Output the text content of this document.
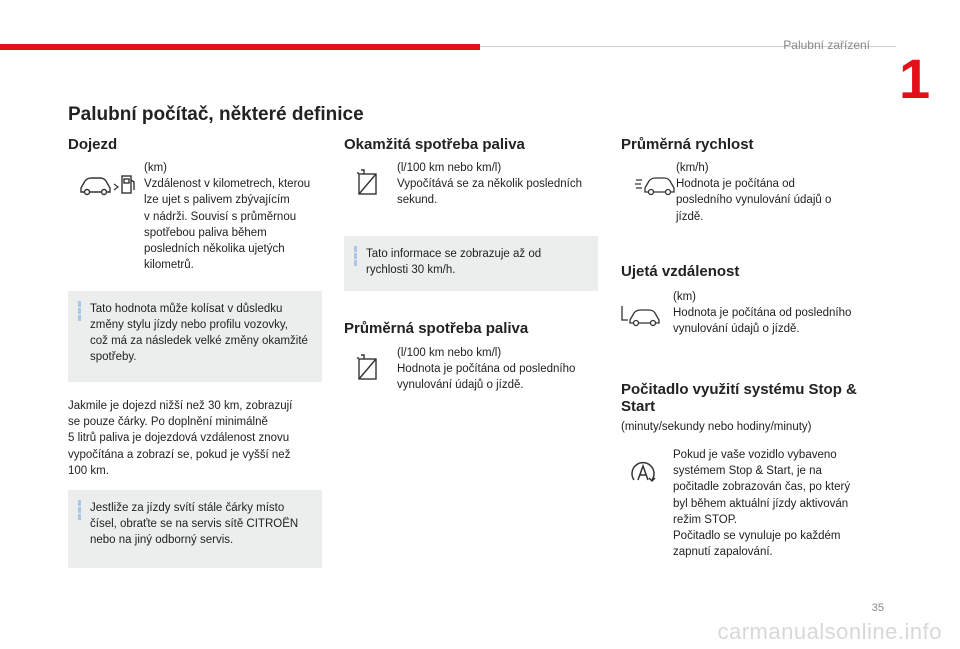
Palubní zařízení
1
Palubní počítač, některé definice
Dojezd
(km)
Vzdálenost v kilometrech, kterou
lze ujet s palivem zbývajícím
v nádrži. Souvisí s průměrnou
spotřebou paliva během
posledních několika ujetých
kilometrů.
Tato hodnota může kolísat v důsledku
změny stylu jízdy nebo profilu vozovky,
což má za následek velké změny okamžité
spotřeby.
Jakmile je dojezd nižší než 30 km, zobrazují
se pouze čárky. Po doplnění minimálně
5 litrů paliva je dojezdová vzdálenost znovu
vypočítána a zobrazí se, pokud je vyšší než
100 km.
Jestliže za jízdy svítí stále čárky místo
čísel, obraťte se na servis sítě CITROËN
nebo na jiný odborný servis.
Okamžitá spotřeba paliva
(l/100 km nebo km/l)
Vypočítává se za několik posledních
sekund.
Tato informace se zobrazuje až od
rychlosti 30 km/h.
Průměrná spotřeba paliva
(l/100 km nebo km/l)
Hodnota je počítána od posledního
vynulování údajů o jízdě.
Průměrná rychlost
(km/h)
Hodnota je počítána od
posledního vynulování údajů o
jízdě.
Ujetá vzdálenost
(km)
Hodnota je počítána od posledního
vynulování údajů o jízdě.
Počitadlo využití systému Stop &
Start
(minuty/sekundy nebo hodiny/minuty)
Pokud je vaše vozidlo vybaveno
systémem Stop & Start, je na
počitadle zobrazován čas, po který
byl během aktuální jízdy aktivován
režim STOP.
Počitadlo se vynuluje po každém
zapnutí zapalování.
35
carmanualsonline.info
